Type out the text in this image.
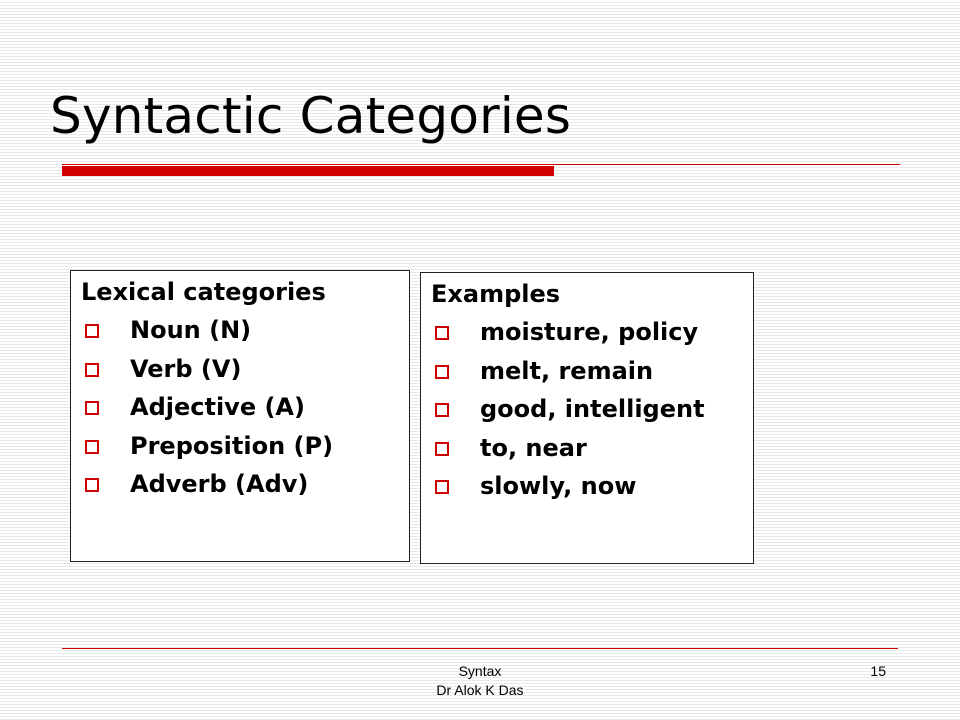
Syntactic Categories
Lexical categories
Noun (N)
Verb (V)
Adjective (A)
Preposition (P)
Adverb (Adv)
Examples
moisture, policy
melt, remain
good, intelligent
to, near
slowly, now
Syntax
Dr Alok K Das
15
